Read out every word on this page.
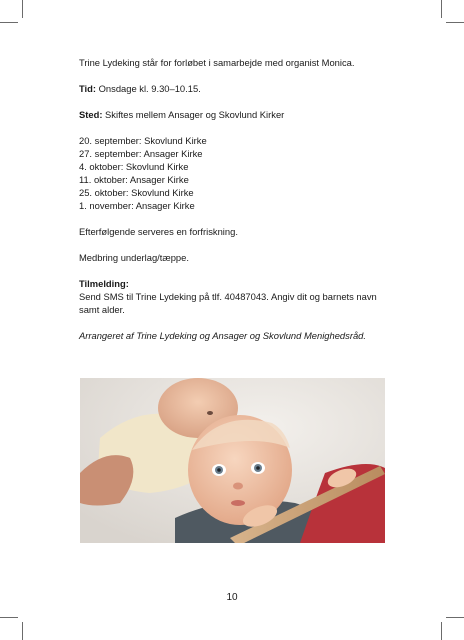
Trine Lydeking står for forløbet i samarbejde med organist Monica.

Tid: Onsdage kl. 9.30–10.15.

Sted: Skiftes mellem Ansager og Skovlund Kirker

20. september: Skovlund Kirke

27. september: Ansager Kirke

4. oktober: Skovlund Kirke

11. oktober: Ansager Kirke

25. oktober: Skovlund Kirke

1. november: Ansager Kirke

Efterfølgende serveres en forfriskning.

Medbring underlag/tæppe.

Tilmelding:

Send SMS til Trine Lydeking på tlf. 40487043. Angiv dit og barnets navn samt alder.

Arrangeret af Trine Lydeking og Ansager og Skovlund Menighedsråd.

10
